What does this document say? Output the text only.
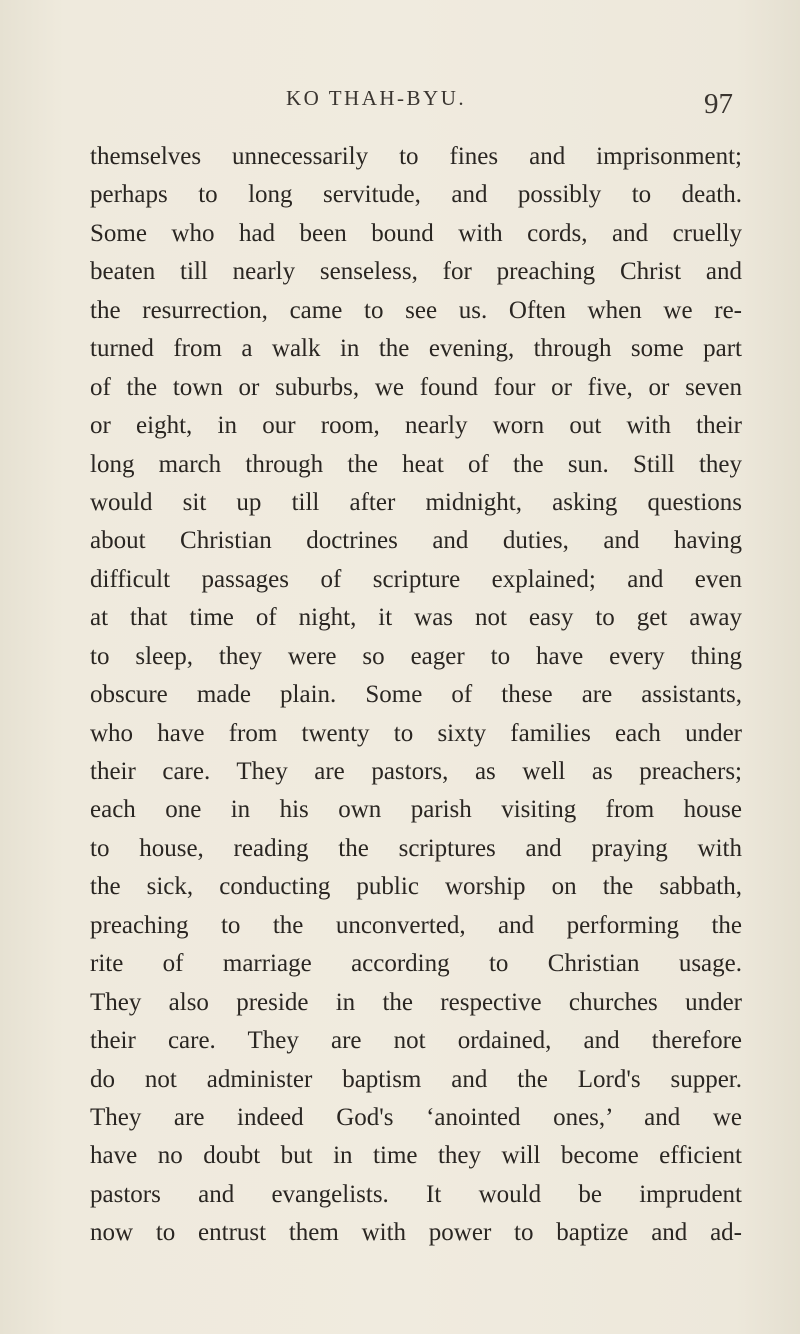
KO THAH-BYU.	97
themselves unnecessarily to fines and imprisonment;
perhaps to long servitude, and possibly to death.
Some who had been bound with cords, and cruelly
beaten till nearly senseless, for preaching Christ and
the resurrection, came to see us. Often when we re-
turned from a walk in the evening, through some part
of the town or suburbs, we found four or five, or seven
or eight, in our room, nearly worn out with their
long march through the heat of the sun. Still they
would sit up till after midnight, asking questions
about Christian doctrines and duties, and having
difficult passages of scripture explained; and even
at that time of night, it was not easy to get away
to sleep, they were so eager to have every thing
obscure made plain. Some of these are assistants,
who have from twenty to sixty families each under
their care. They are pastors, as well as preachers;
each one in his own parish visiting from house
to house, reading the scriptures and praying with
the sick, conducting public worship on the sabbath,
preaching to the unconverted, and performing the
rite of marriage according to Christian usage.
They also preside in the respective churches under
their care. They are not ordained, and therefore
do not administer baptism and the Lord's supper.
They are indeed God's ‘anointed ones,’ and we
have no doubt but in time they will become efficient
pastors and evangelists. It would be imprudent
now to entrust them with power to baptize and ad-
